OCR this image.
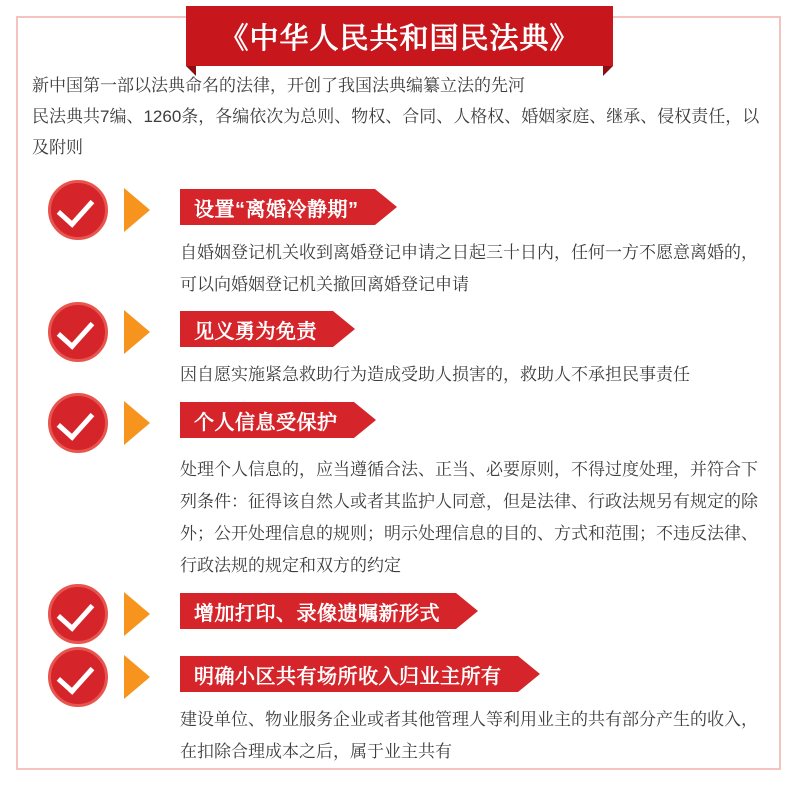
《中华人民共和国民法典》

新中国第一部以法典命名的法律，开创了我国法典编纂立法的先河

民法典共7编、1260条，各编依次为总则、物权、合同、人格权、婚姻家庭、继承、侵权责任，以及附则

设置“离婚冷静期”

自婚姻登记机关收到离婚登记申请之日起三十日内，任何一方不愿意离婚的，可以向婚姻登记机关撤回离婚登记申请

见义勇为免责

因自愿实施紧急救助行为造成受助人损害的，救助人不承担民事责任

个人信息受保护

处理个人信息的，应当遵循合法、正当、必要原则，不得过度处理，并符合下列条件：征得该自然人或者其监护人同意，但是法律、行政法规另有规定的除外；公开处理信息的规则；明示处理信息的目的、方式和范围；不违反法律、行政法规的规定和双方的约定

增加打印、录像遗嘱新形式
明确小区共有场所收入归业主所有

建设单位、物业服务企业或者其他管理人等利用业主的共有部分产生的收入，在扣除合理成本之后，属于业主共有
